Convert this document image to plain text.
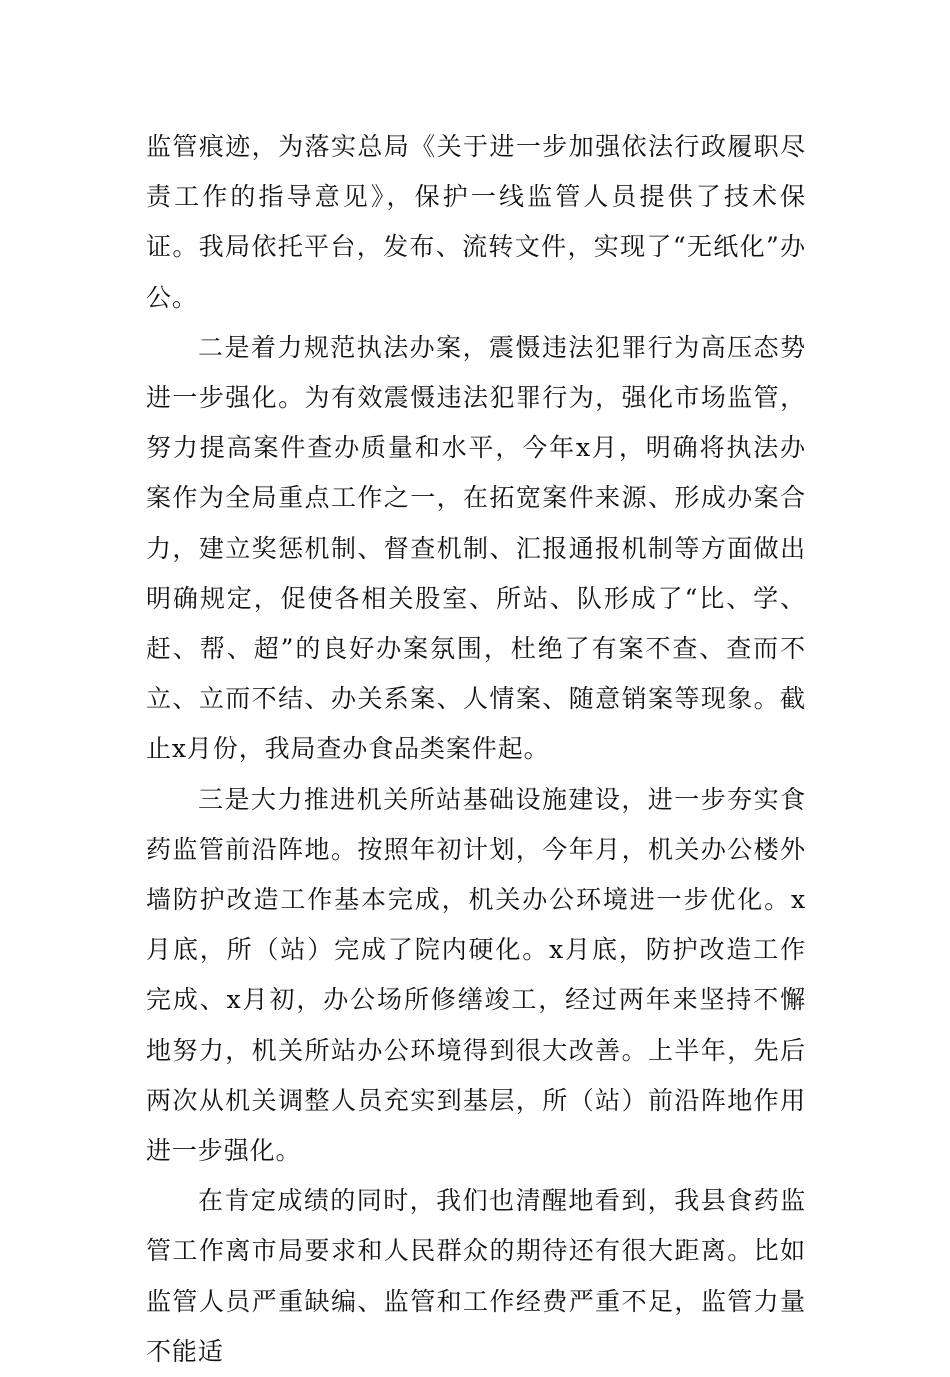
监管痕迹，为落实总局《关于进一步加强依法行政履职尽责工作的指导意见》，保护一线监管人员提供了技术保证。我局依托平台，发布、流转文件，实现了“无纸化”办公。

二是着力规范执法办案，震慑违法犯罪行为高压态势进一步强化。为有效震慑违法犯罪行为，强化市场监管，努力提高案件查办质量和水平，今年x月，明确将执法办案作为全局重点工作之一，在拓宽案件来源、形成办案合力，建立奖惩机制、督查机制、汇报通报机制等方面做出明确规定，促使各相关股室、所站、队形成了“比、学、赶、帮、超”的良好办案氛围，杜绝了有案不查、查而不立、立而不结、办关系案、人情案、随意销案等现象。截止x月份，我局查办食品类案件起。

三是大力推进机关所站基础设施建设，进一步夯实食药监管前沿阵地。按照年初计划，今年月，机关办公楼外墙防护改造工作基本完成，机关办公环境进一步优化。x月底，所（站）完成了院内硬化。x月底，防护改造工作完成、x月初，办公场所修缮竣工，经过两年来坚持不懈地努力，机关所站办公环境得到很大改善。上半年，先后两次从机关调整人员充实到基层，所（站）前沿阵地作用进一步强化。

在肯定成绩的同时，我们也清醒地看到，我县食药监管工作离市局要求和人民群众的期待还有很大距离。比如监管人员严重缺编、监管和工作经费严重不足，监管力量不能适
